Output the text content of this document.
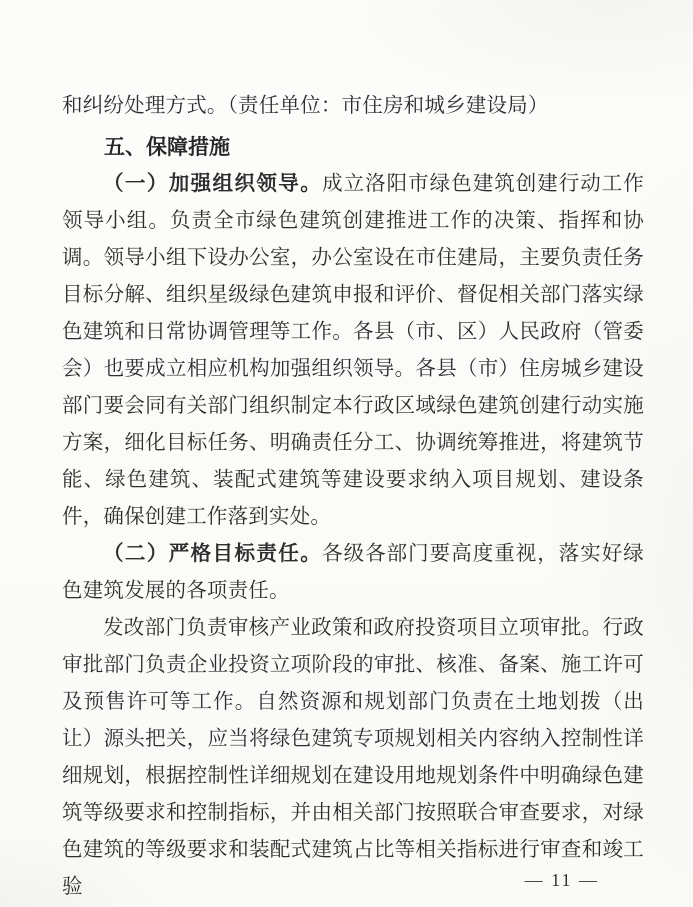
和纠纷处理方式。（责任单位：市住房和城乡建设局）

五、保障措施

（一）加强组织领导。成立洛阳市绿色建筑创建行动工作领导小组。负责全市绿色建筑创建推进工作的决策、指挥和协调。领导小组下设办公室，办公室设在市住建局，主要负责任务目标分解、组织星级绿色建筑申报和评价、督促相关部门落实绿色建筑和日常协调管理等工作。各县（市、区）人民政府（管委会）也要成立相应机构加强组织领导。各县（市）住房城乡建设部门要会同有关部门组织制定本行政区域绿色建筑创建行动实施方案，细化目标任务、明确责任分工、协调统筹推进，将建筑节能、绿色建筑、装配式建筑等建设要求纳入项目规划、建设条件，确保创建工作落到实处。

（二）严格目标责任。各级各部门要高度重视，落实好绿色建筑发展的各项责任。

发改部门负责审核产业政策和政府投资项目立项审批。行政审批部门负责企业投资立项阶段的审批、核准、备案、施工许可及预售许可等工作。自然资源和规划部门负责在土地划拨（出让）源头把关，应当将绿色建筑专项规划相关内容纳入控制性详细规划，根据控制性详细规划在建设用地规划条件中明确绿色建筑等级要求和控制指标，并由相关部门按照联合审查要求，对绿色建筑的等级要求和装配式建筑占比等相关指标进行审查和竣工验	— 11 —
